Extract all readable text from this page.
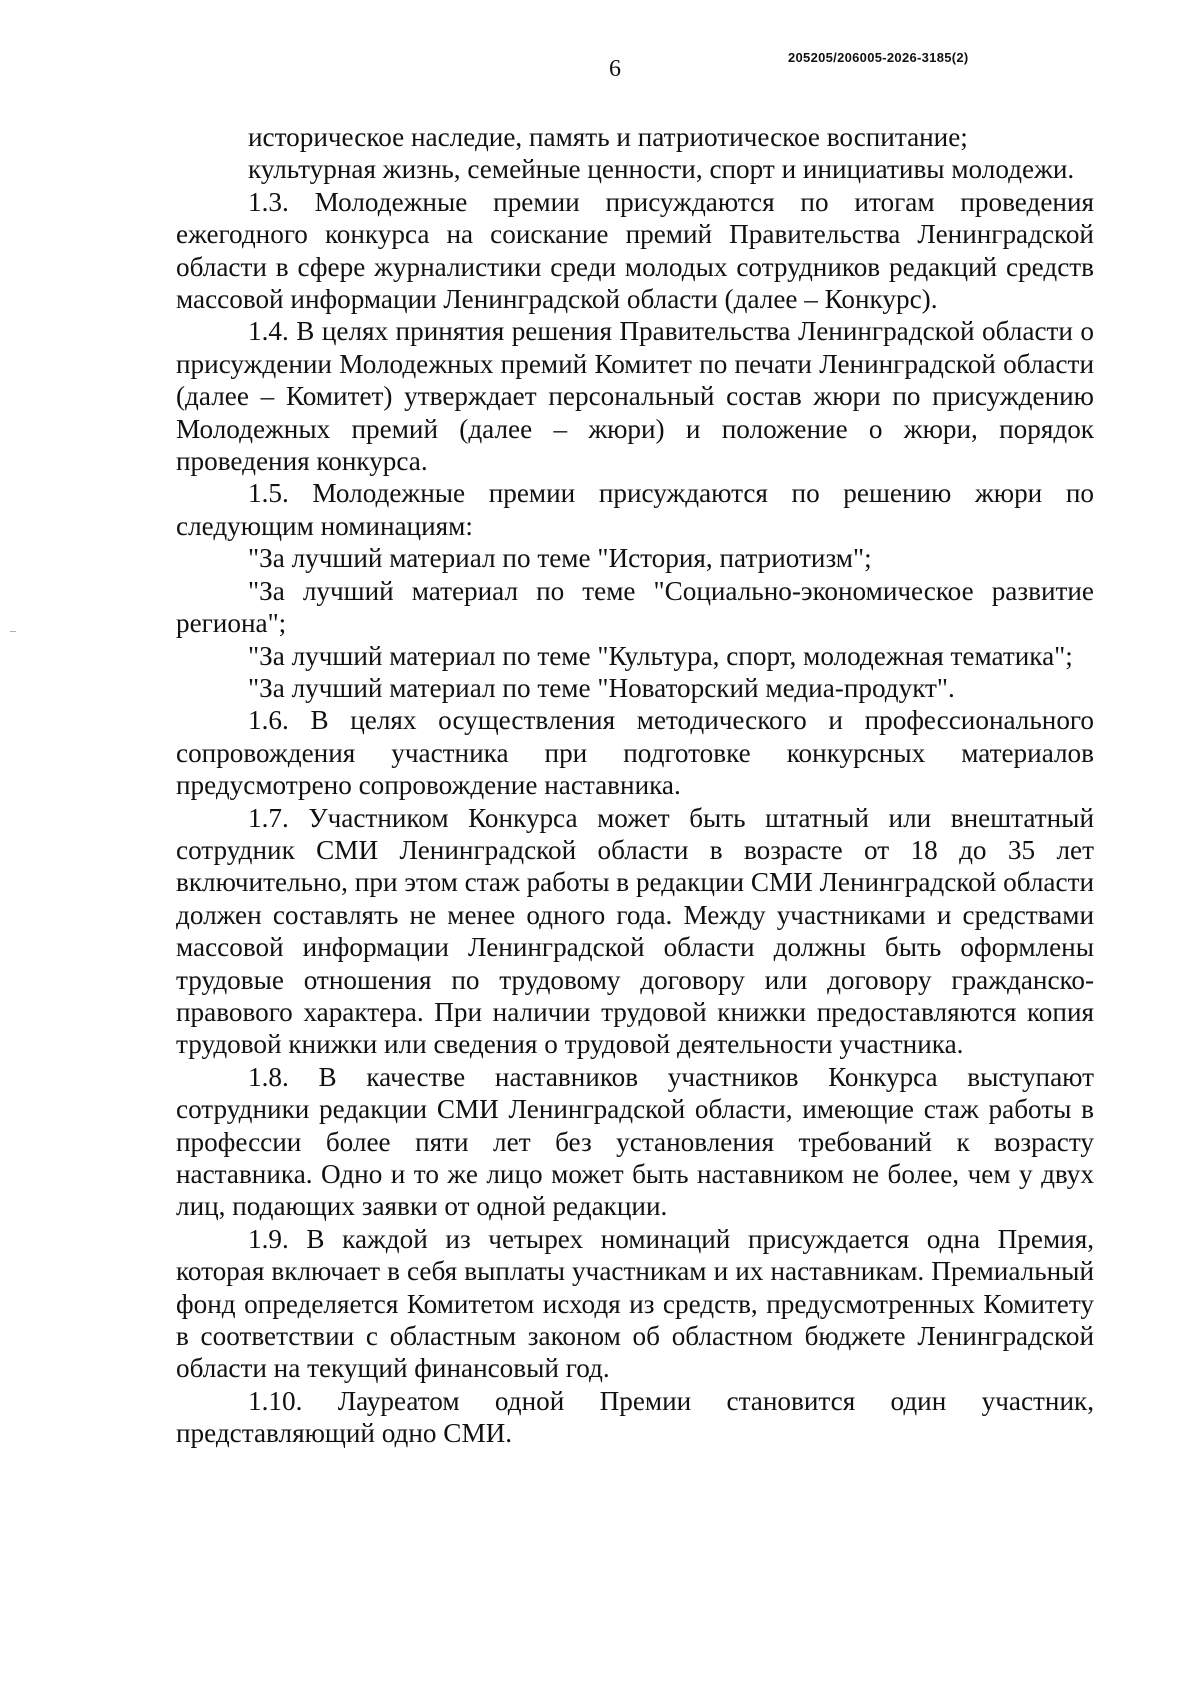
6	205205/206005-2026-3185(2)

историческое наследие, память и патриотическое воспитание;

культурная жизнь, семейные ценности, спорт и инициативы молодежи.

1.3. Молодежные премии присуждаются по итогам проведения ежегодного конкурса на соискание премий Правительства Ленинградской области в сфере журналистики среди молодых сотрудников редакций средств массовой информации Ленинградской области (далее – Конкурс).

1.4. В целях принятия решения Правительства Ленинградской области о присуждении Молодежных премий Комитет по печати Ленинградской области (далее – Комитет) утверждает персональный состав жюри по присуждению Молодежных премий (далее – жюри) и положение о жюри, порядок проведения конкурса.

1.5. Молодежные премии присуждаются по решению жюри по следующим номинациям:

"За лучший материал по теме "История, патриотизм";

"За лучший материал по теме "Социально-экономическое развитие региона";

"За лучший материал по теме "Культура, спорт, молодежная тематика";

"За лучший материал по теме "Новаторский медиа-продукт".

1.6. В целях осуществления методического и профессионального сопровождения участника при подготовке конкурсных материалов предусмотрено сопровождение наставника.

1.7. Участником Конкурса может быть штатный или внештатный сотрудник СМИ Ленинградской области в возрасте от 18 до 35 лет включительно, при этом стаж работы в редакции СМИ Ленинградской области должен составлять не менее одного года. Между участниками и средствами массовой информации Ленинградской области должны быть оформлены трудовые отношения по трудовому договору или договору гражданско-правового характера. При наличии трудовой книжки предоставляются копия трудовой книжки или сведения о трудовой деятельности участника.

1.8. В качестве наставников участников Конкурса выступают сотрудники редакции СМИ Ленинградской области, имеющие стаж работы в профессии более пяти лет без установления требований к возрасту наставника. Одно и то же лицо может быть наставником не более, чем у двух лиц, подающих заявки от одной редакции.

1.9. В каждой из четырех номинаций присуждается одна Премия, которая включает в себя выплаты участникам и их наставникам. Премиальный фонд определяется Комитетом исходя из средств, предусмотренных Комитету в соответствии с областным законом об областном бюджете Ленинградской области на текущий финансовый год.

1.10. Лауреатом одной Премии становится один участник, представляющий одно СМИ.
